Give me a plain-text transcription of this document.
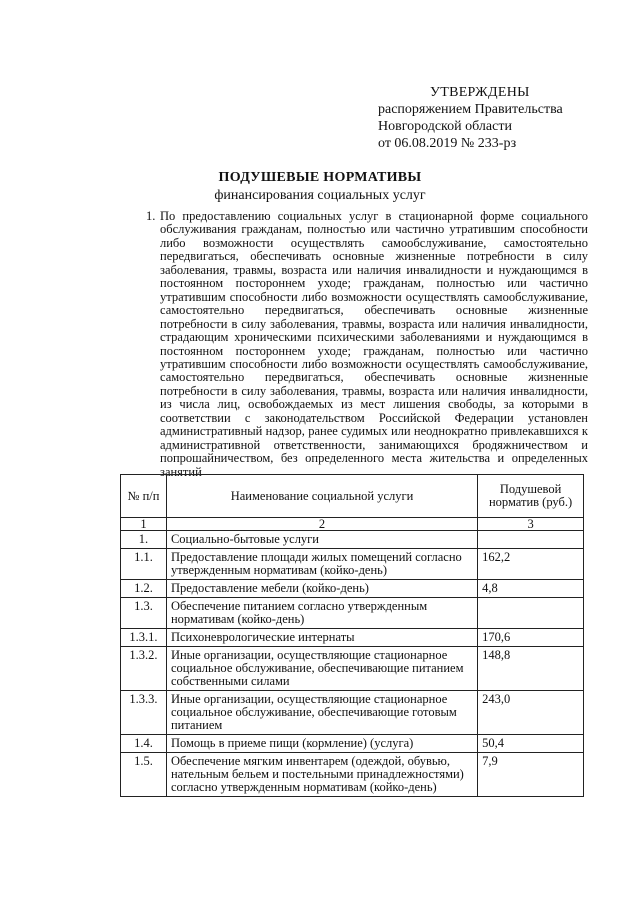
УТВЕРЖДЕНЫ
распоряжением Правительства
Новгородской области
от 06.08.2019 № 233-рз
ПОДУШЕВЫЕ НОРМАТИВЫ
финансирования социальных услуг
1. По предоставлению социальных услуг в стационарной форме социального обслуживания гражданам, полностью или частично утратившим способности либо возможности осуществлять самообслуживание, самостоятельно передвигаться, обеспечивать основные жизненные потребности в силу заболевания, травмы, возраста или наличия инвалидности и нуждающимся в постоянном постороннем уходе; гражданам, полностью или частично утратившим способности либо возможности осуществлять самообслуживание, самостоятельно передвигаться, обеспечивать основные жизненные потребности в силу заболевания, травмы, возраста или наличия инвалидности, страдающим хроническими психическими заболеваниями и нуждающимся в постоянном постороннем уходе; гражданам, полностью или частично утратившим способности либо возможности осуществлять самообслуживание, самостоятельно передвигаться, обеспечивать основные жизненные потребности в силу заболевания, травмы, возраста или наличия инвалидности, из числа лиц, освобождаемых из мест лишения свободы, за которыми в соответствии с законодательством Российской Федерации установлен административный надзор, ранее судимых или неоднократно привлекавшихся к административной ответственности, занимающихся бродяжничеством и попрошайничеством, без определенного места жительства и определенных занятий
№ п/п	Наименование социальной услуги	Подушевой норматив (руб.)
1	2	3
1.	Социально-бытовые услуги	
1.1.	Предоставление площади жилых помещений согласно утвержденным нормативам (койко-день)	162,2
1.2.	Предоставление мебели (койко-день)	4,8
1.3.	Обеспечение питанием согласно утвержденным нормативам (койко-день)	
1.3.1.	Психоневрологические интернаты	170,6
1.3.2.	Иные организации, осуществляющие стационарное социальное обслуживание, обеспечивающие питанием собственными силами	148,8
1.3.3.	Иные организации, осуществляющие стационарное социальное обслуживание, обеспечивающие готовым питанием	243,0
1.4.	Помощь в приеме пищи (кормление) (услуга)	50,4
1.5.	Обеспечение мягким инвентарем (одеждой, обувью, нательным бельем и постельными принадлежностями) согласно утвержденным нормативам (койко-день)	7,9
